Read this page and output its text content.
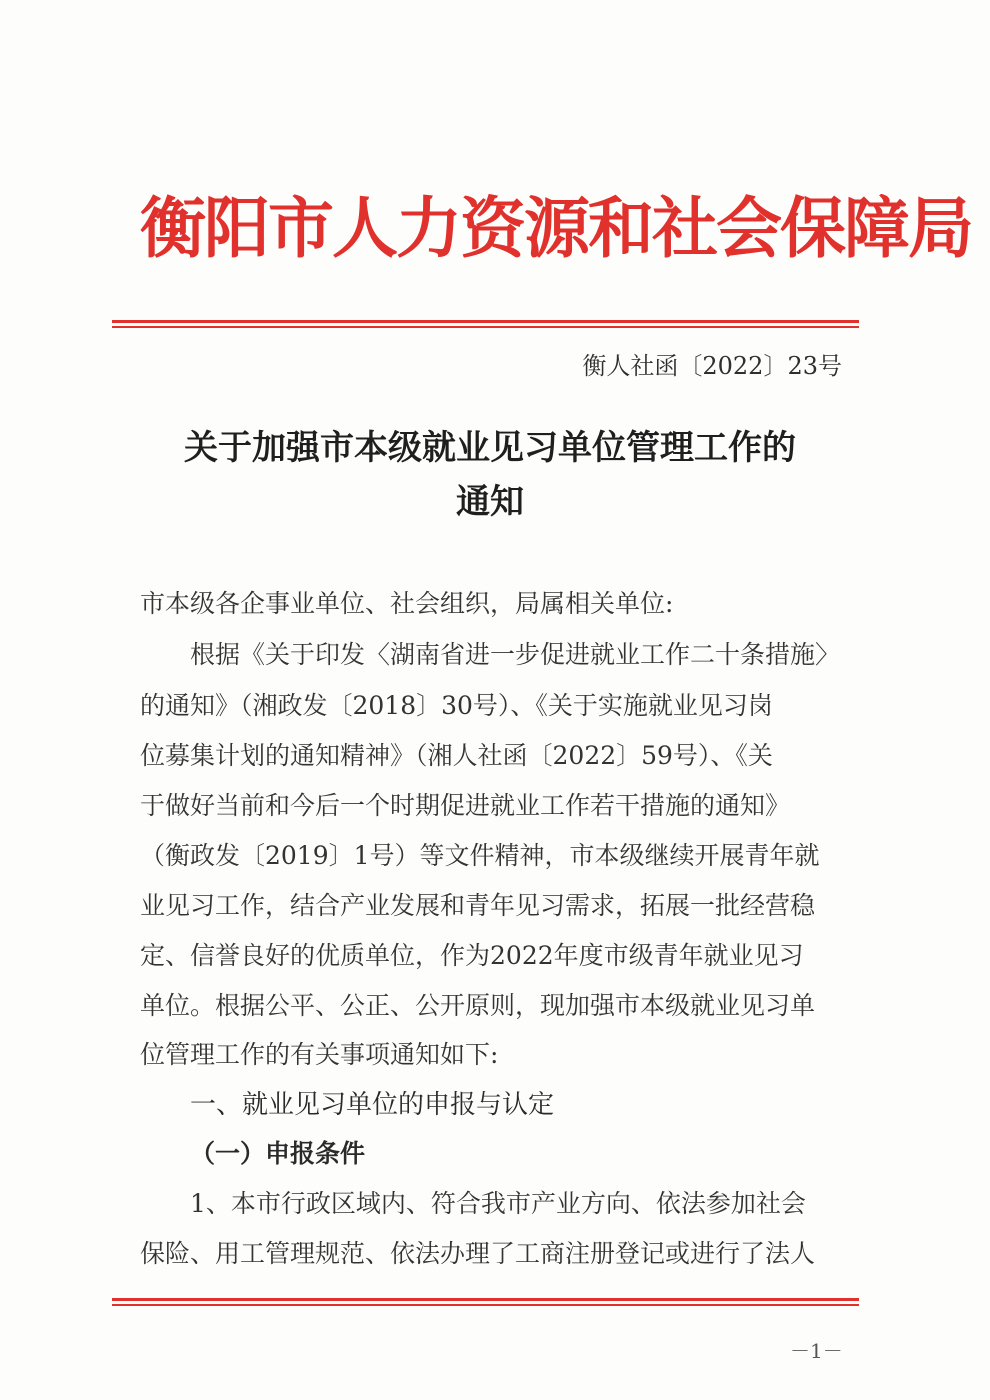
衡阳市人力资源和社会保障局
衡人社函〔2022〕23号
关于加强市本级就业见习单位管理工作的
通知
市本级各企事业单位、社会组织，局属相关单位:
根据《关于印发〈湖南省进一步促进就业工作二十条措施〉
的通知》（湘政发〔2018〕30号）、《关于实施就业见习岗
位募集计划的通知精神》（湘人社函〔2022〕59号）、《关
于做好当前和今后一个时期促进就业工作若干措施的通知》
（衡政发〔2019〕1号）等文件精神，市本级继续开展青年就
业见习工作，结合产业发展和青年见习需求，拓展一批经营稳
定、信誉良好的优质单位，作为2022年度市级青年就业见习
单位。根据公平、公正、公开原则，现加强市本级就业见习单
位管理工作的有关事项通知如下:
一、就业见习单位的申报与认定
（一）申报条件
1、本市行政区域内、符合我市产业方向、依法参加社会
保险、用工管理规范、依法办理了工商注册登记或进行了法人
－1－
